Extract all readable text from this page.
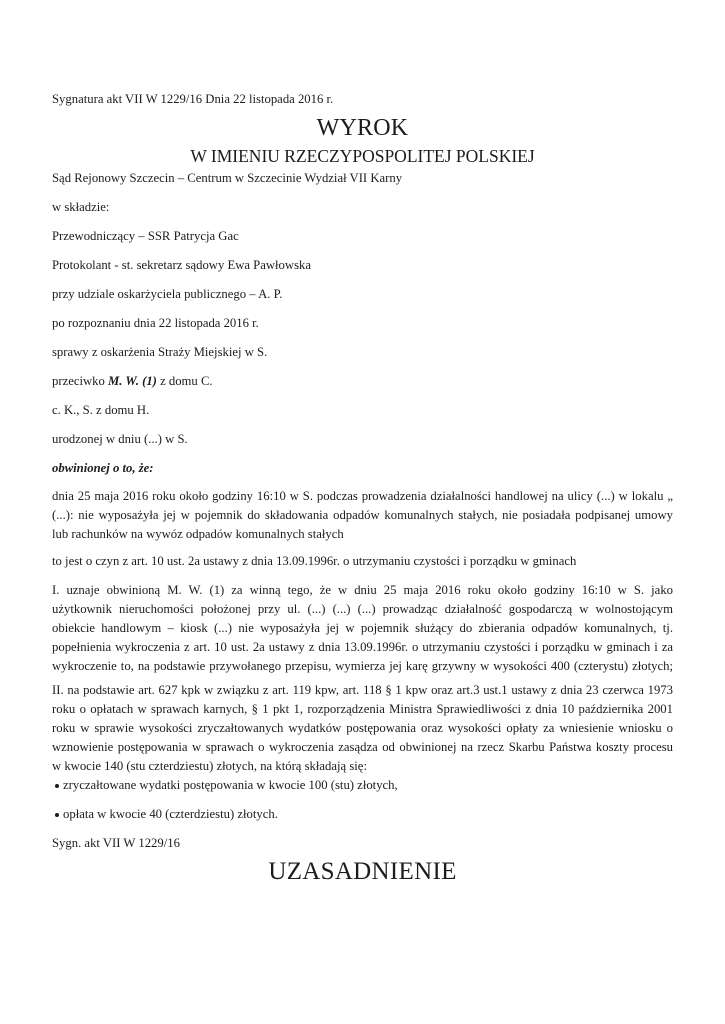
Sygnatura akt VII W 1229/16 Dnia 22 listopada 2016 r.
WYROK
W IMIENIU RZECZYPOSPOLITEJ POLSKIEJ
Sąd Rejonowy Szczecin – Centrum w Szczecinie Wydział VII Karny
w składzie:
Przewodniczący – SSR Patrycja Gac
Protokolant - st. sekretarz sądowy Ewa Pawłowska
przy udziale oskarżyciela publicznego – A. P.
po rozpoznaniu dnia 22 listopada 2016 r.
sprawy z oskarżenia Straży Miejskiej w S.
przeciwko M. W. (1) z domu C.
c. K., S. z domu H.
urodzonej w dniu (...) w S.
obwinionej o to, że:
dnia 25 maja 2016 roku około godziny 16:10 w S. podczas prowadzenia działalności handlowej na ulicy (...) w lokalu „
(...): nie wyposażyła jej w pojemnik do składowania odpadów komunalnych stałych, nie posiadała podpisanej umowy
lub rachunków na wywóz odpadów komunalnych stałych
to jest o czyn z art. 10 ust. 2a ustawy z dnia 13.09.1996r. o utrzymaniu czystości i porządku w gminach
I. uznaje obwinioną M. W. (1) za winną tego, że w dniu 25 maja 2016 roku około godziny 16:10 w S. jako
użytkownik nieruchomości położonej przy ul. (...) (...) (...) prowadząc działalność gospodarczą w wolnostojącym
obiekcie handlowym – kiosk (...) nie wyposażyła jej w pojemnik służący do zbierania odpadów komunalnych, tj.
popełnienia wykroczenia z art. 10 ust. 2a ustawy z dnia 13.09.1996r. o utrzymaniu czystości i porządku w gminach i za
wykroczenie to, na podstawie przywołanego przepisu, wymierza jej karę grzywny w wysokości 400 (czterystu) złotych;
II. na podstawie art. 627 kpk w związku z art. 119 kpw, art. 118 § 1 kpw oraz art.3 ust.1 ustawy z dnia 23 czerwca 1973
roku o opłatach w sprawach karnych, § 1 pkt 1, rozporządzenia Ministra Sprawiedliwości z dnia 10 października 2001
roku w sprawie wysokości zryczałtowanych wydatków postępowania oraz wysokości opłaty za wniesienie wniosku o
wznowienie postępowania w sprawach o wykroczenia zasądza od obwinionej na rzecz Skarbu Państwa koszty procesu
w kwocie 140 (stu czterdziestu) złotych, na którą składają się:
zryczałtowane wydatki postępowania w kwocie 100 (stu) złotych,
opłata w kwocie 40 (czterdziestu) złotych.
Sygn. akt VII W 1229/16
UZASADNIENIE
